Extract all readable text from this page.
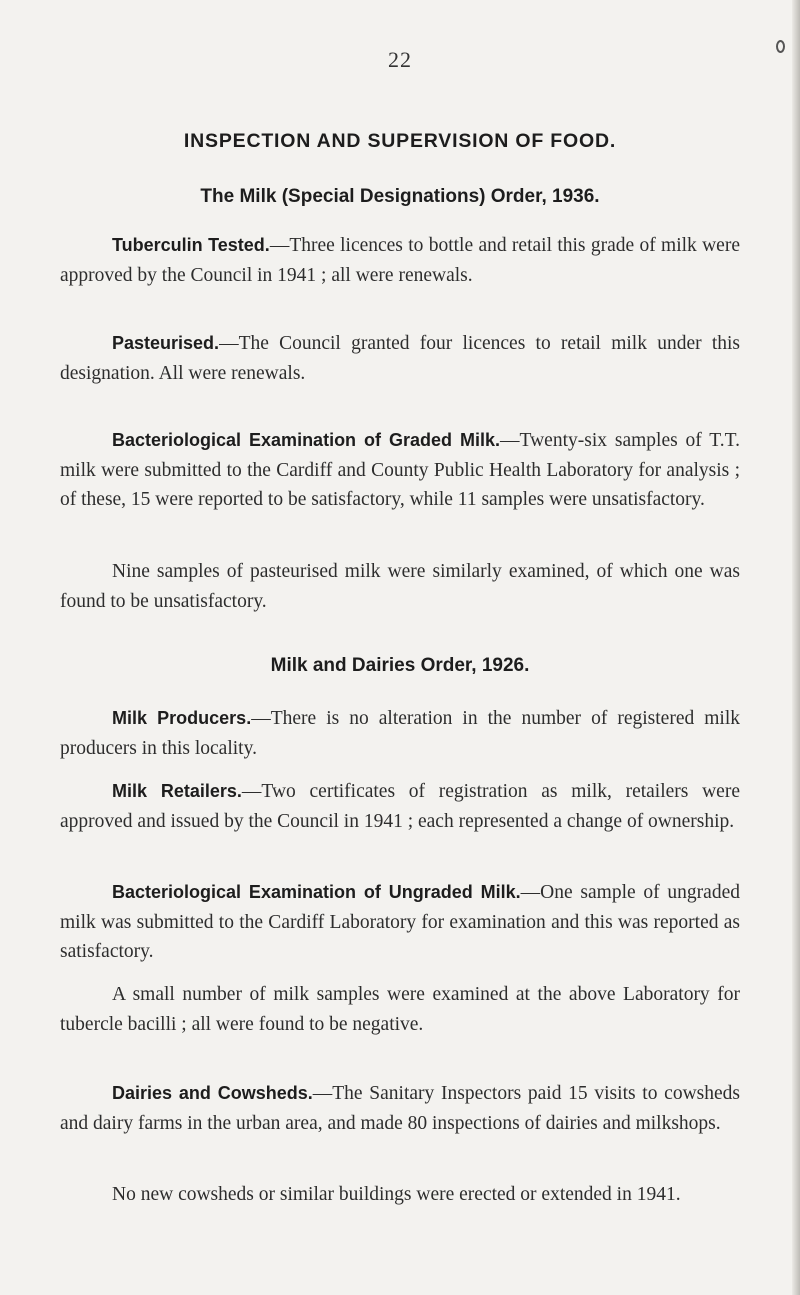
22
INSPECTION AND SUPERVISION OF FOOD.
The Milk (Special Designations) Order, 1936.

Tuberculin Tested.—Three licences to bottle and retail this grade of milk were approved by the Council in 1941 ; all were renewals.

Pasteurised.—The Council granted four licences to retail milk under this designation. All were renewals.

Bacteriological Examination of Graded Milk.—Twenty-six samples of T.T. milk were submitted to the Cardiff and County Public Health Laboratory for analysis ; of these, 15 were reported to be satisfactory, while 11 samples were unsatisfactory.

Nine samples of pasteurised milk were similarly examined, of which one was found to be unsatisfactory.

Milk and Dairies Order, 1926.

Milk Producers.—There is no alteration in the number of registered milk producers in this locality.

Milk Retailers.—Two certificates of registration as milk, retailers were approved and issued by the Council in 1941 ; each represented a change of ownership.

Bacteriological Examination of Ungraded Milk.—One sample of ungraded milk was submitted to the Cardiff Laboratory for examination and this was reported as satisfactory.

A small number of milk samples were examined at the above Laboratory for tubercle bacilli ; all were found to be negative.

Dairies and Cowsheds.—The Sanitary Inspectors paid 15 visits to cowsheds and dairy farms in the urban area, and made 80 inspections of dairies and milkshops.

No new cowsheds or similar buildings were erected or extended in 1941.
